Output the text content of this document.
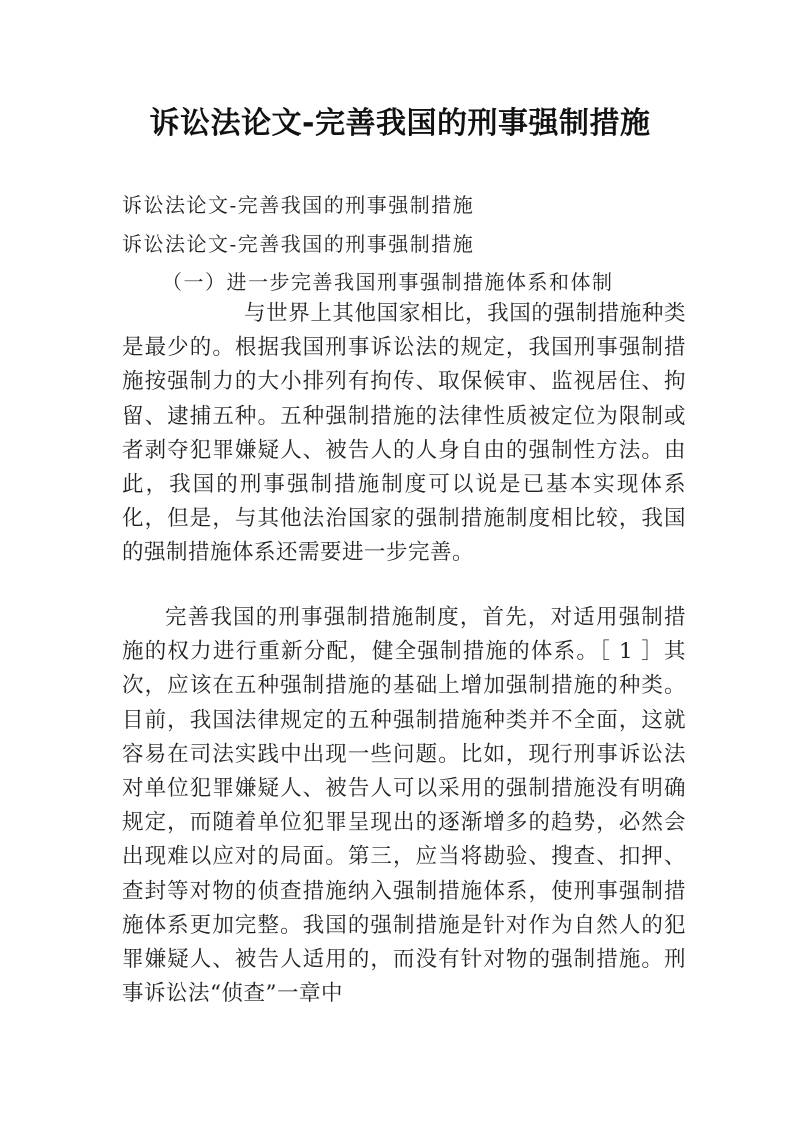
诉讼法论文-完善我国的刑事强制措施

诉讼法论文-完善我国的刑事强制措施

诉讼法论文-完善我国的刑事强制措施

（一）进一步完善我国刑事强制措施体系和体制

与世界上其他国家相比，我国的强制措施种类是最少的。根据我国刑事诉讼法的规定，我国刑事强制措施按强制力的大小排列有拘传、取保候审、监视居住、拘留、逮捕五种。五种强制措施的法律性质被定位为限制或者剥夺犯罪嫌疑人、被告人的人身自由的强制性方法。由此，我国的刑事强制措施制度可以说是已基本实现体系化，但是，与其他法治国家的强制措施制度相比较，我国的强制措施体系还需要进一步完善。

完善我国的刑事强制措施制度，首先，对适用强制措施的权力进行重新分配，健全强制措施的体系。［ 1 ］其次，应该在五种强制措施的基础上增加强制措施的种类。目前，我国法律规定的五种强制措施种类并不全面，这就容易在司法实践中出现一些问题。比如，现行刑事诉讼法对单位犯罪嫌疑人、被告人可以采用的强制措施没有明确规定，而随着单位犯罪呈现出的逐渐增多的趋势，必然会出现难以应对的局面。第三，应当将勘验、搜查、扣押、查封等对物的侦查措施纳入强制措施体系，使刑事强制措施体系更加完整。我国的强制措施是针对作为自然人的犯罪嫌疑人、被告人适用的，而没有针对物的强制措施。刑事诉讼法“侦查”一章中
